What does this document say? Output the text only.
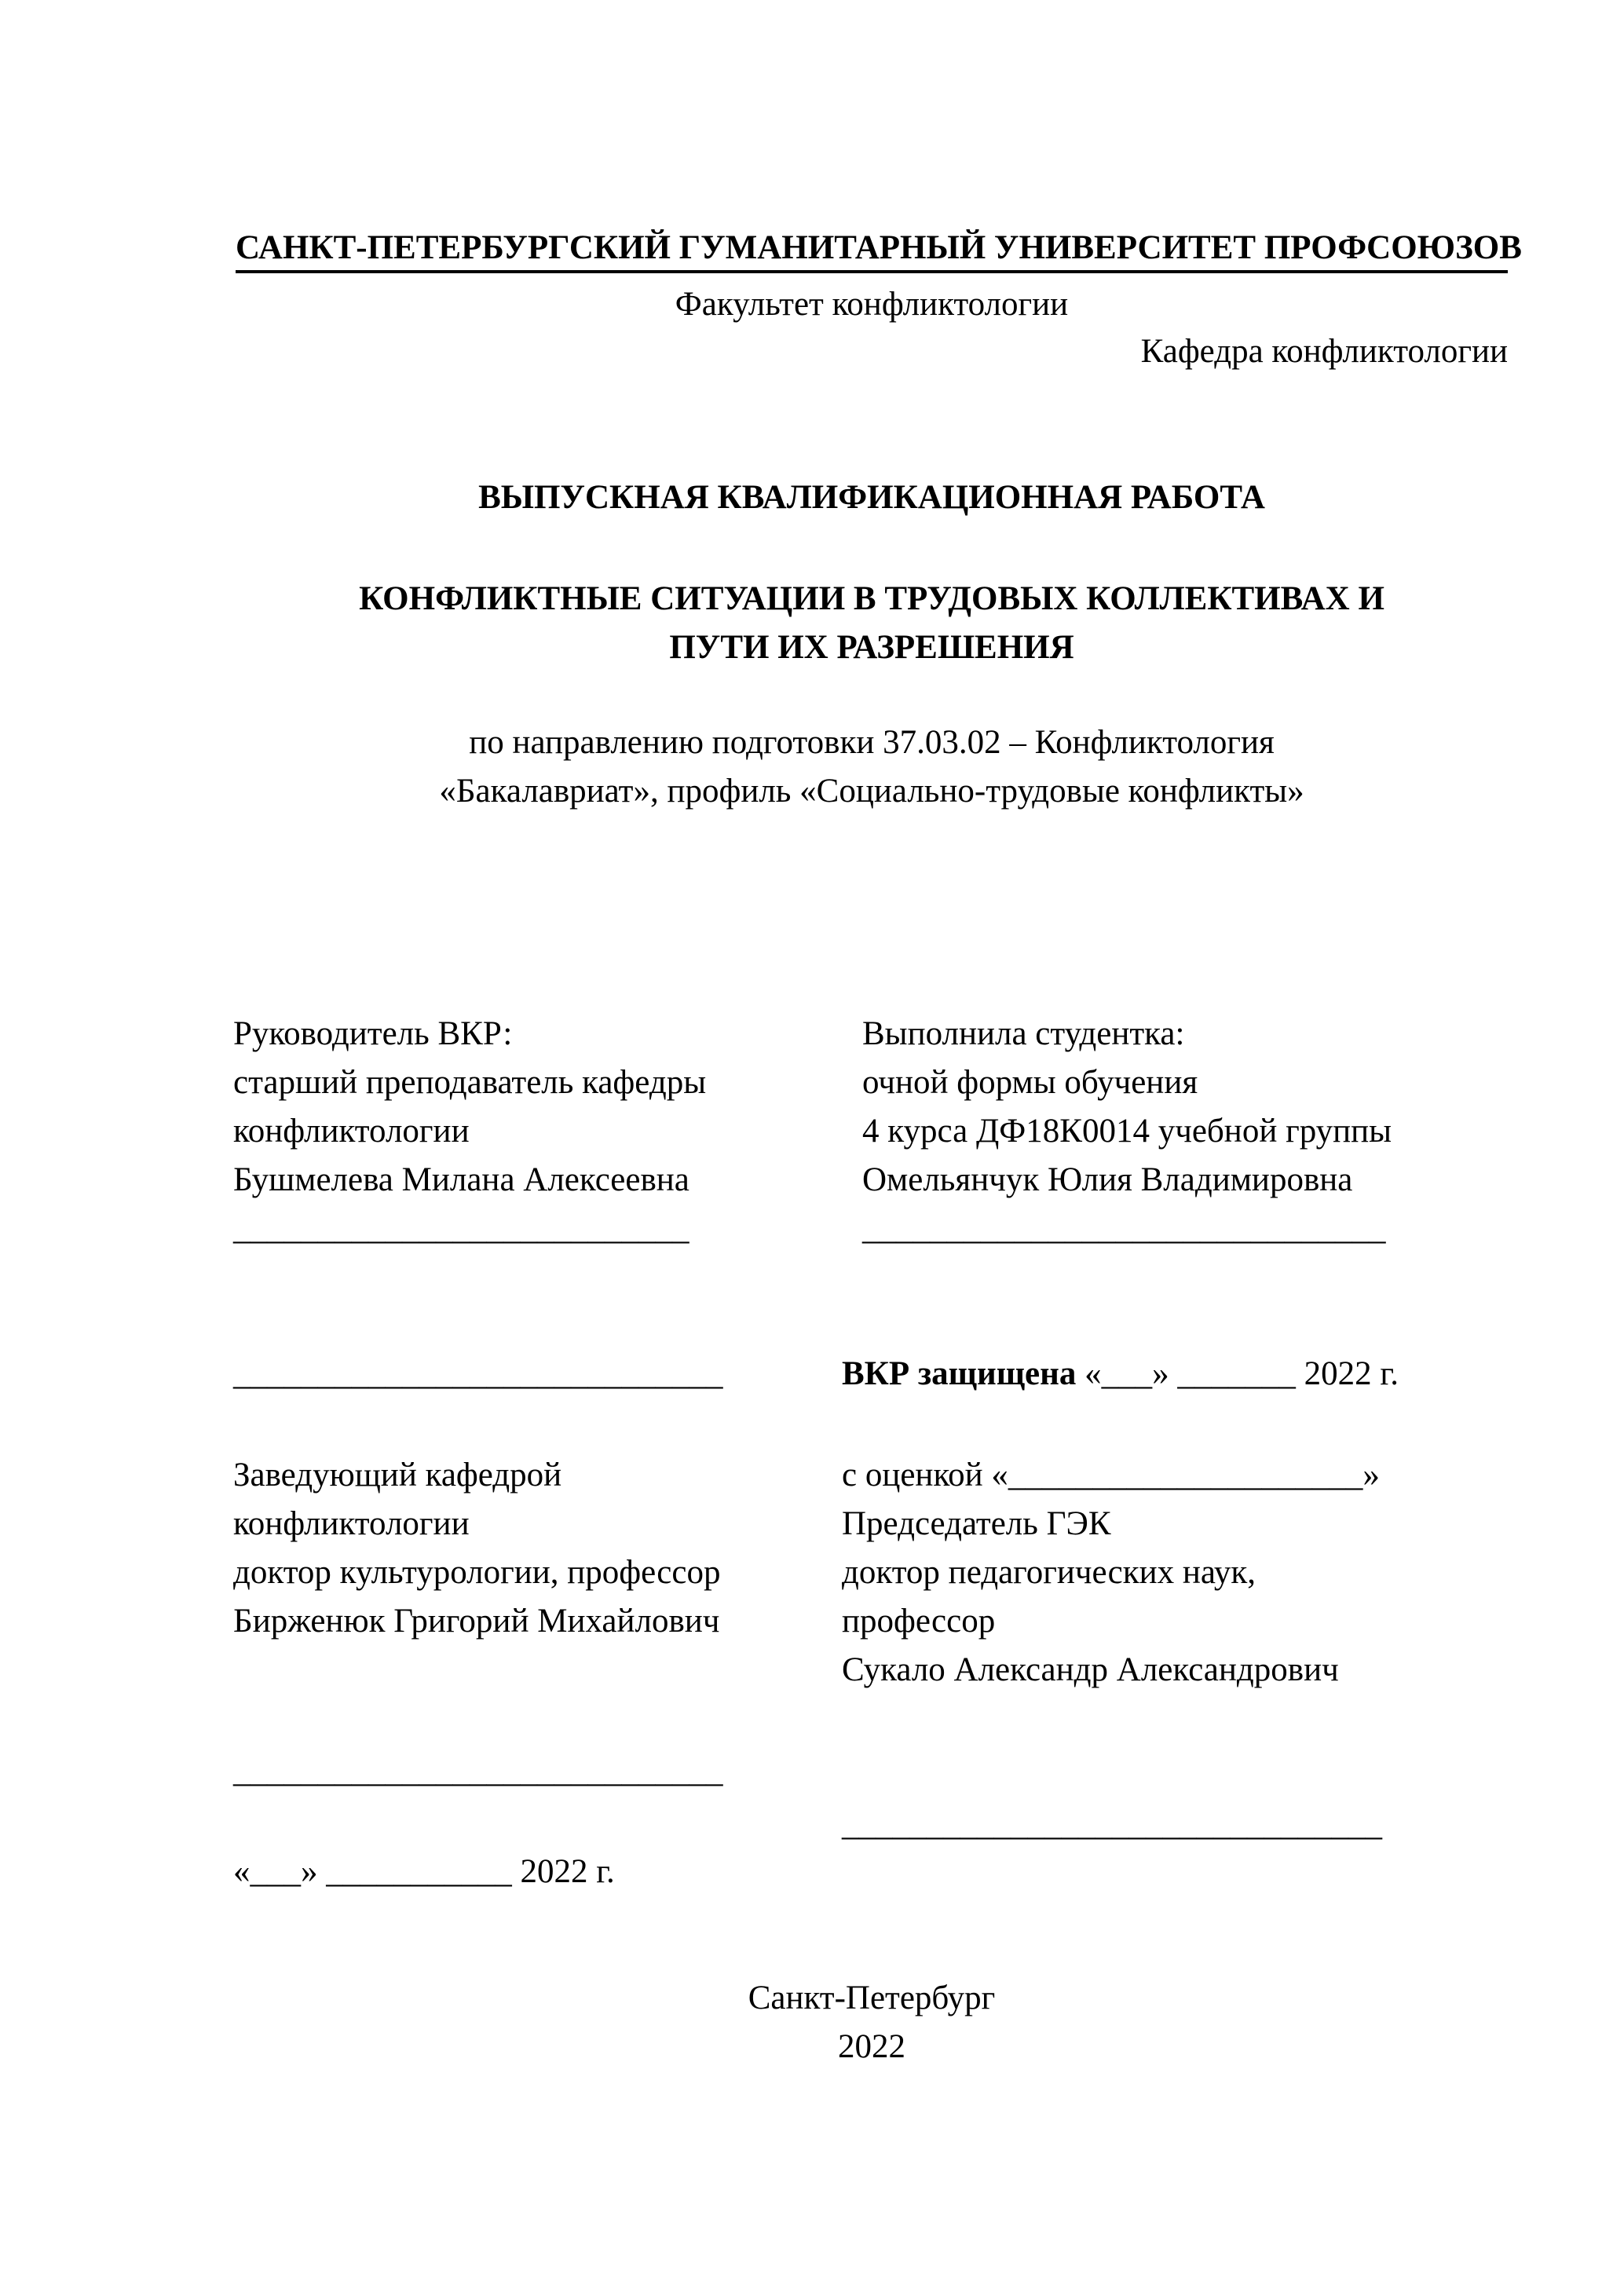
САНКТ-ПЕТЕРБУРГСКИЙ ГУМАНИТАРНЫЙ УНИВЕРСИТЕТ ПРОФСОЮЗОВ
Факультет конфликтологии
Кафедра конфликтологии
ВЫПУСКНАЯ КВАЛИФИКАЦИОННАЯ РАБОТА
КОНФЛИКТНЫЕ СИТУАЦИИ В ТРУДОВЫХ КОЛЛЕКТИВАХ И
ПУТИ ИХ РАЗРЕШЕНИЯ
по направлению подготовки 37.03.02 – Конфликтология
«Бакалавриат», профиль «Социально-трудовые конфликты»
Руководитель ВКР:
старший преподаватель кафедры
конфликтологии
Бушмелева Милана Алексеевна
___________________________
Выполнила студентка:
очной формы обучения
4 курса ДФ18К0014 учебной группы
Омельянчук Юлия Владимировна
_______________________________
_____________________________	ВКР защищена «___» _______ 2022 г.
Заведующий кафедрой
конфликтологии
доктор культурологии, профессор
Бирженюк Григорий Михайлович
_____________________________
«___» ___________ 2022 г.
с оценкой «_____________________»
Председатель ГЭК
доктор педагогических наук,
профессор
Сукало Александр Александрович
________________________________
Санкт-Петербург
2022
